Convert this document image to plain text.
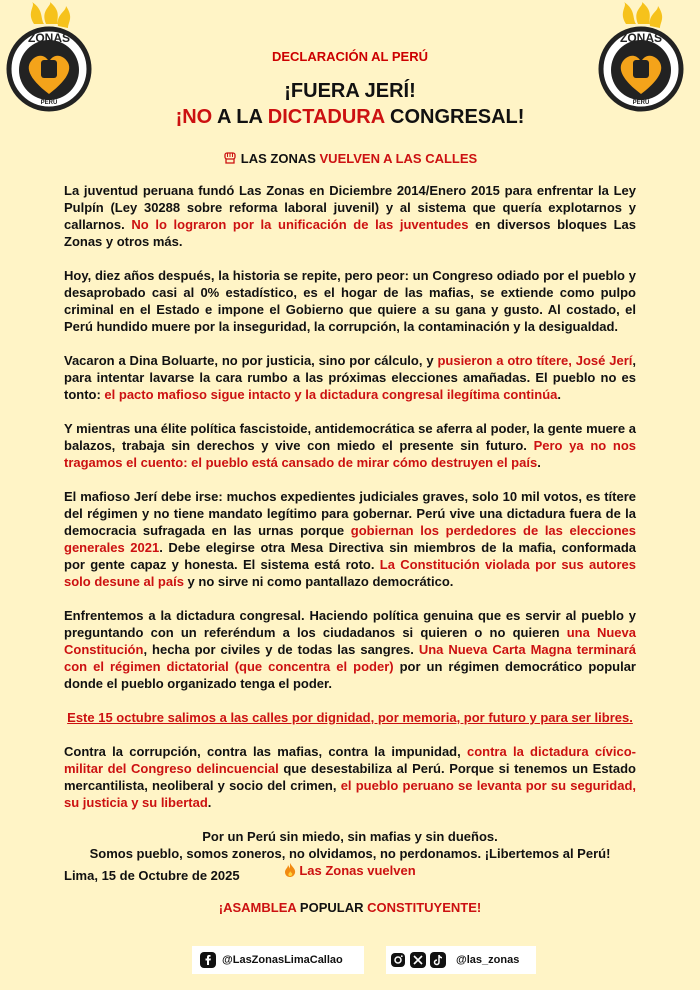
ZONAS
PERÚ
ZONAS
PERÚ
DECLARACIÓN AL PERÚ
¡FUERA JERÍ!
¡NO A LA DICTADURA CONGRESAL!
LAS ZONAS VUELVEN A LAS CALLES

La juventud peruana fundó Las Zonas en Diciembre 2014/Enero 2015 para enfrentar la Ley Pulpín (Ley 30288 sobre reforma laboral juvenil) y al sistema que quería explotarnos y callarnos. No lo lograron por la unificación de las juventudes en diversos bloques Las Zonas y otros más.

Hoy, diez años después, la historia se repite, pero peor: un Congreso odiado por el pueblo y desaprobado casi al 0% estadístico, es el hogar de las mafias, se extiende como pulpo criminal en el Estado e impone el Gobierno que quiere a su gana y gusto. Al costado, el Perú hundido muere por la inseguridad, la corrupción, la contaminación y la desigualdad.

Vacaron a Dina Boluarte, no por justicia, sino por cálculo, y pusieron a otro títere, José Jerí, para intentar lavarse la cara rumbo a las próximas elecciones amañadas. El pueblo no es tonto: el pacto mafioso sigue intacto y la dictadura congresal ilegítima continúa.

Y mientras una élite política fascistoide, antidemocrática se aferra al poder, la gente muere a balazos, trabaja sin derechos y vive con miedo el presente sin futuro. Pero ya no nos tragamos el cuento: el pueblo está cansado de mirar cómo destruyen el país.

El mafioso Jerí debe irse: muchos expedientes judiciales graves, solo 10 mil votos, es títere del régimen y no tiene mandato legítimo para gobernar. Perú vive una dictadura fuera de la democracia sufragada en las urnas porque gobiernan los perdedores de las elecciones generales 2021. Debe elegirse otra Mesa Directiva sin miembros de la mafia, conformada por gente capaz y honesta. El sistema está roto. La Constitución violada por sus autores solo desune al país y no sirve ni como pantallazo democrático.

Enfrentemos a la dictadura congresal. Haciendo política genuina que es servir al pueblo y preguntando con un referéndum a los ciudadanos si quieren o no quieren una Nueva Constitución, hecha por civiles y de todas las sangres. Una Nueva Carta Magna terminará con el régimen dictatorial (que concentra el poder) por un régimen democrático popular donde el pueblo organizado tenga el poder.

Este 15 octubre salimos a las calles por dignidad, por memoria, por futuro y para ser libres.

Contra la corrupción, contra las mafias, contra la impunidad, contra la dictadura cívico-militar del Congreso delincuencial que desestabiliza al Perú. Porque si tenemos un Estado mercantilista, neoliberal y socio del crimen, el pueblo peruano se levanta por su seguridad, su justicia y su libertad.

Por un Perú sin miedo, sin mafias y sin dueños.
Somos pueblo, somos zoneros, no olvidamos, no perdonamos. ¡Libertemos al Perú!
Las Zonas vuelven
Lima, 15 de Octubre de 2025
¡ASAMBLEA POPULAR CONSTITUYENTE!
@LasZonasLimaCallao	@las_zonas
